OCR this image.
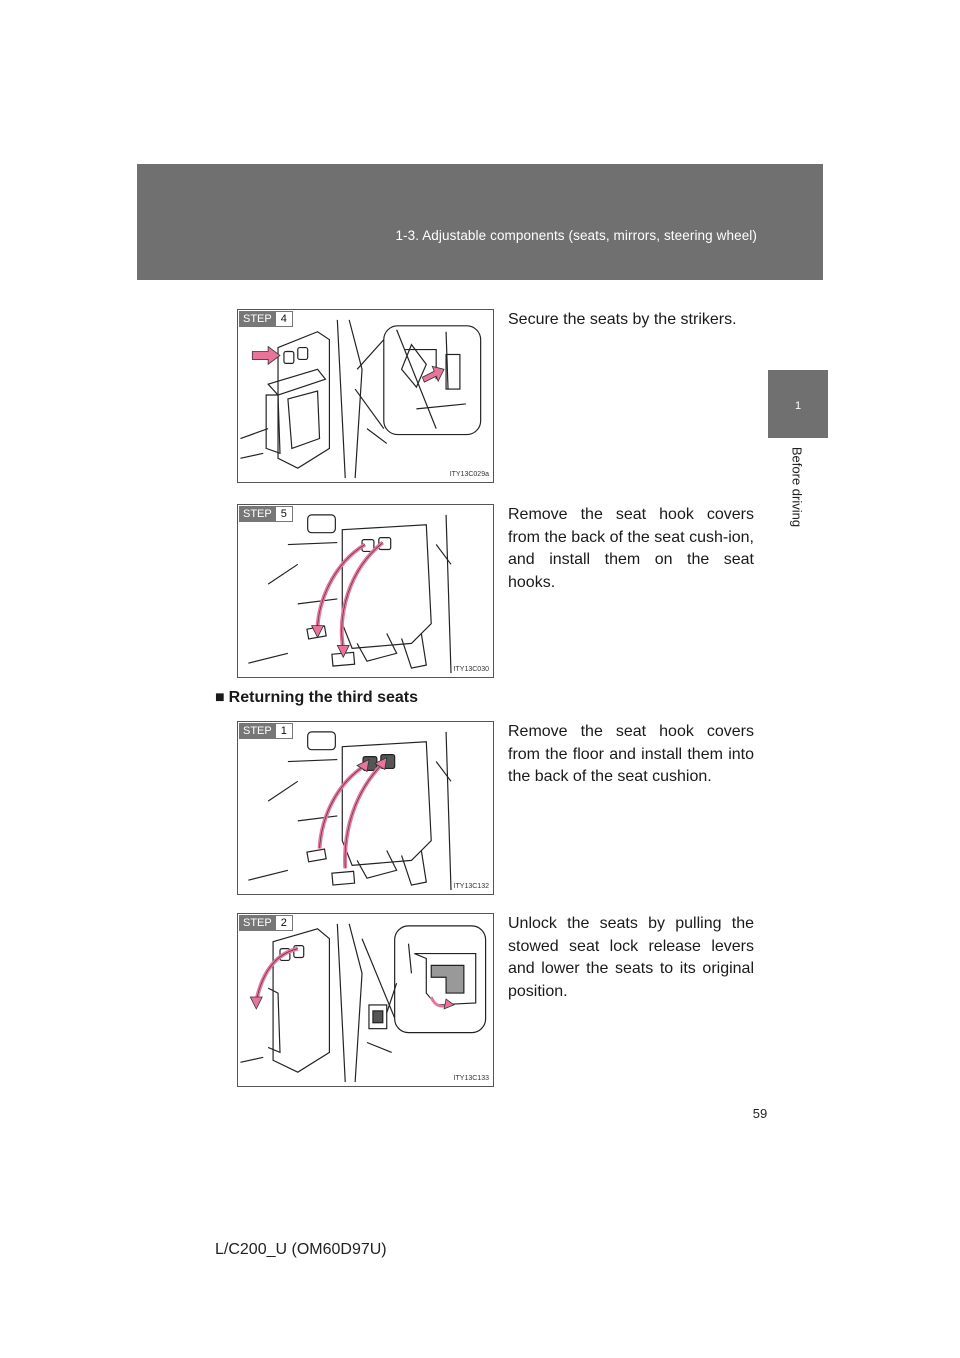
1-3. Adjustable components (seats, mirrors, steering wheel)
1
Before driving
STEP 4
ITY13C029a
Secure the seats by the strikers.
STEP 5
ITY13C030
Remove the seat hook covers from the back of the seat cush-ion, and install them on the seat hooks.
■ Returning the third seats
STEP 1
ITY13C132
Remove the seat hook covers from the floor and install them into the back of the seat cushion.
STEP 2
ITY13C133
Unlock the seats by pulling the stowed seat lock release levers and lower the seats to its original position.
59
L/C200_U (OM60D97U)
